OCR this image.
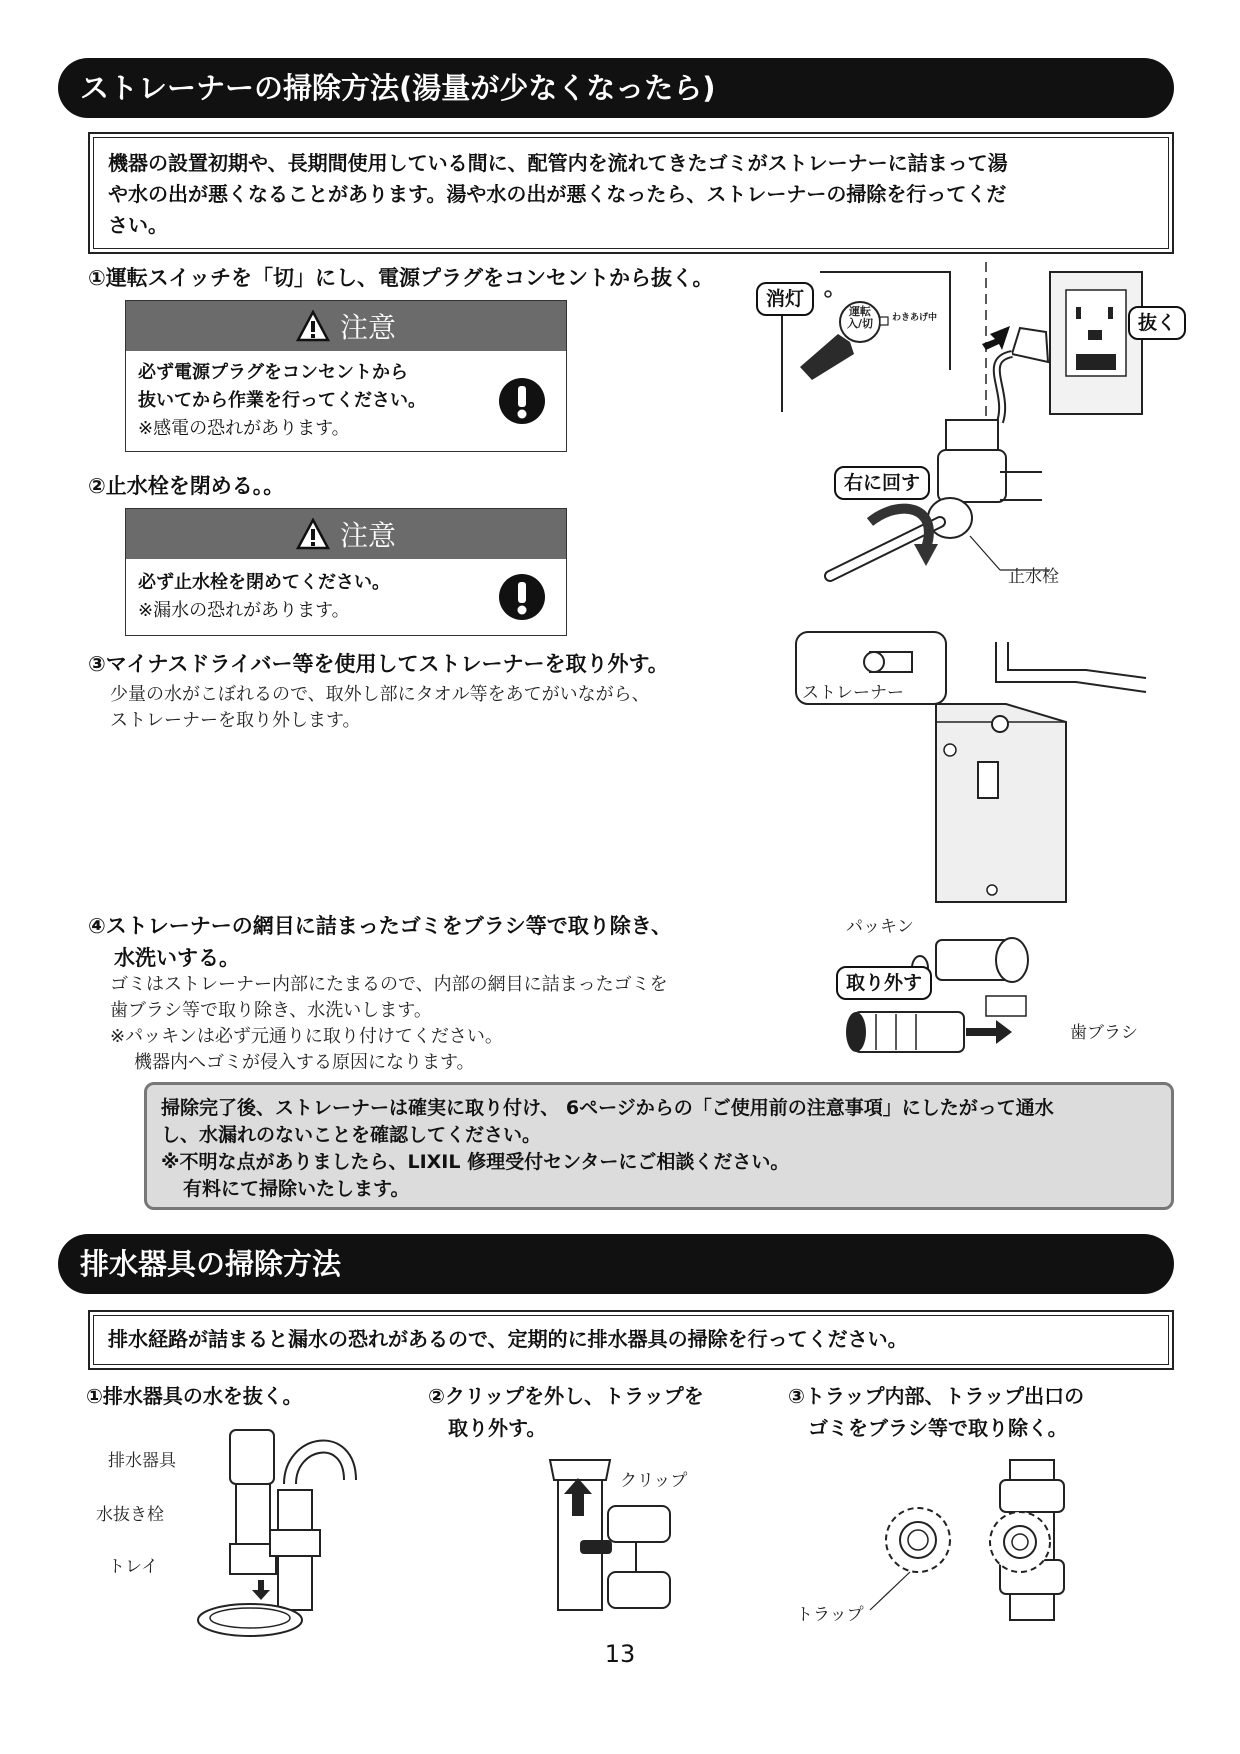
ストレーナーの掃除方法(湯量が少なくなったら)
機器の設置初期や、長期間使用している間に、配管内を流れてきたゴミがストレーナーに詰まって湯
や水の出が悪くなることがあります。湯や水の出が悪くなったら、ストレーナーの掃除を行ってくだ
さい。
①運転スイッチを「切」にし、電源プラグをコンセントから抜く。
注意
必ず電源プラグをコンセントから
抜いてから作業を行ってください。
※感電の恐れがあります。
②止水栓を閉める。。
注意
必ず止水栓を閉めてください。
※漏水の恐れがあります。
③マイナスドライバー等を使用してストレーナーを取り外す。
少量の水がこぼれるので、取外し部にタオル等をあてがいながら、
ストレーナーを取り外します。
④ストレーナーの網目に詰まったゴミをブラシ等で取り除き、
水洗いする。
ゴミはストレーナー内部にたまるので、内部の網目に詰まったゴミを
歯ブラシ等で取り除き、水洗いします。
※パッキンは必ず元通りに取り付けてください。
機器内へゴミが侵入する原因になります。
掃除完了後、ストレーナーは確実に取り付け、 6ページからの「ご使用前の注意事項」にしたがって通水
し、水漏れのないことを確認してください。
※不明な点がありましたら、LIXIL 修理受付センターにご相談ください。
有料にて掃除いたします。
消灯
運転
入/切	わきあげ中	抜く
右に回す
止水栓
ストレーナー
パッキン
取り外す
歯ブラシ
排水器具の掃除方法
排水経路が詰まると漏水の恐れがあるので、定期的に排水器具の掃除を行ってください。
①排水器具の水を抜く。	②クリップを外し、トラップを
取り外す。
③トラップ内部、トラップ出口の
ゴミをブラシ等で取り除く。
排水器具
水抜き栓
トレイ
クリップ
トラップ
13
